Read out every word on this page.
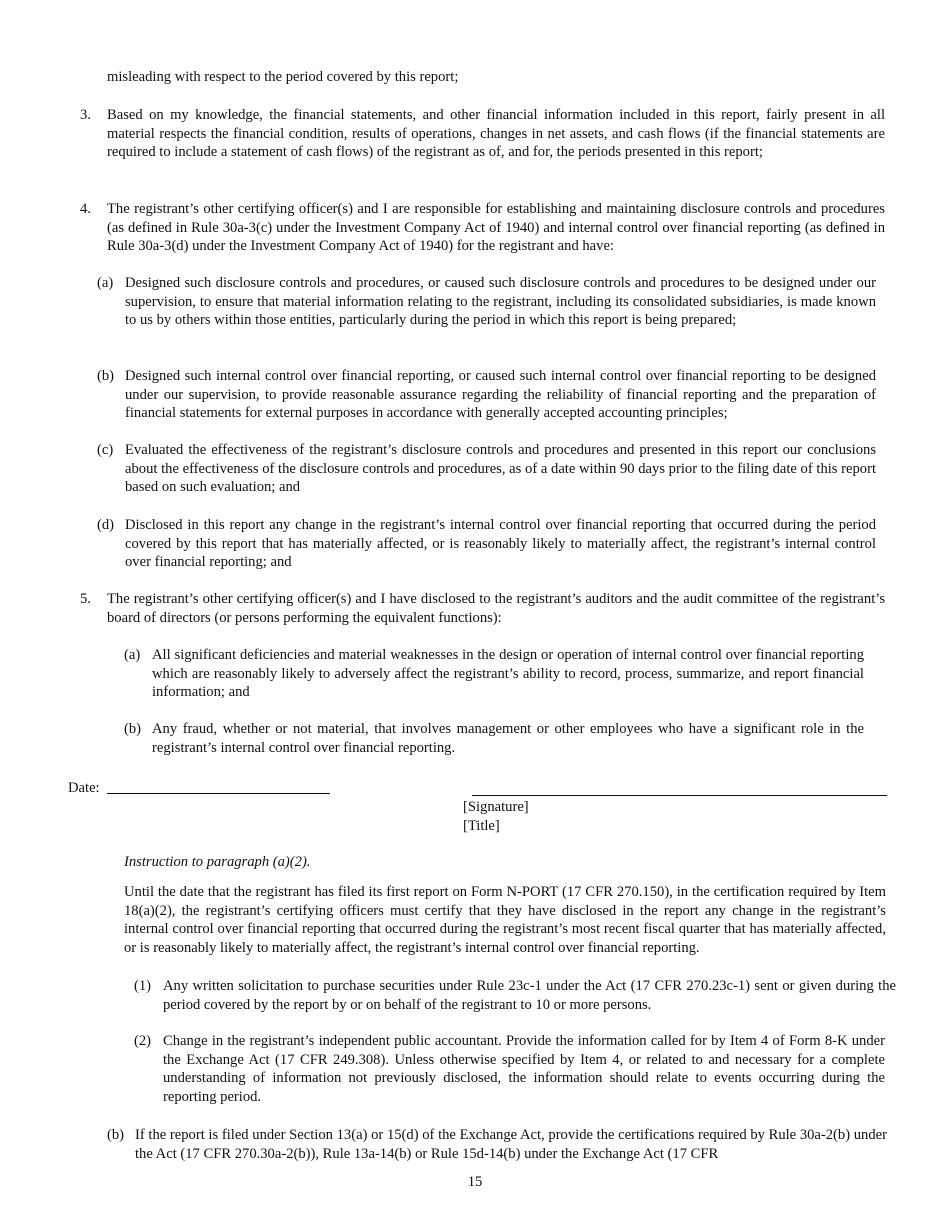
misleading with respect to the period covered by this report;

3. Based on my knowledge, the financial statements, and other financial information included in this report, fairly present in all material respects the financial condition, results of operations, changes in net assets, and cash flows (if the financial statements are required to include a statement of cash flows) of the registrant as of, and for, the periods presented in this report;

4. The registrant’s other certifying officer(s) and I are responsible for establishing and maintaining disclosure controls and procedures (as defined in Rule 30a-3(c) under the Investment Company Act of 1940) and internal control over financial reporting (as defined in Rule 30a-3(d) under the Investment Company Act of 1940) for the registrant and have:

(a) Designed such disclosure controls and procedures, or caused such disclosure controls and procedures to be designed under our supervision, to ensure that material information relating to the registrant, including its consolidated subsidiaries, is made known to us by others within those entities, particularly during the period in which this report is being prepared;

(b) Designed such internal control over financial reporting, or caused such internal control over financial reporting to be designed under our supervision, to provide reasonable assurance regarding the reliability of financial reporting and the preparation of financial statements for external purposes in accordance with generally accepted accounting principles;

(c) Evaluated the effectiveness of the registrant’s disclosure controls and procedures and presented in this report our conclusions about the effectiveness of the disclosure controls and procedures, as of a date within 90 days prior to the filing date of this report based on such evaluation; and

(d) Disclosed in this report any change in the registrant’s internal control over financial reporting that occurred during the period covered by this report that has materially affected, or is reasonably likely to materially affect, the registrant’s internal control over financial reporting; and

5. The registrant’s other certifying officer(s) and I have disclosed to the registrant’s auditors and the audit committee of the registrant’s board of directors (or persons performing the equivalent functions):

(a) All significant deficiencies and material weaknesses in the design or operation of internal control over financial reporting which are reasonably likely to adversely affect the registrant’s ability to record, process, summarize, and report financial information; and

(b) Any fraud, whether or not material, that involves management or other employees who have a significant role in the registrant’s internal control over financial reporting.

Date:
[Signature]
[Title]

Instruction to paragraph (a)(2).

Until the date that the registrant has filed its first report on Form N-PORT (17 CFR 270.150), in the certification required by Item 18(a)(2), the registrant’s certifying officers must certify that they have disclosed in the report any change in the registrant’s internal control over financial reporting that occurred during the registrant’s most recent fiscal quarter that has materially affected, or is reasonably likely to materially affect, the registrant’s internal control over financial reporting.

(1) Any written solicitation to purchase securities under Rule 23c-1 under the Act (17 CFR 270.23c-1) sent or given during the period covered by the report by or on behalf of the registrant to 10 or more persons.

(2) Change in the registrant’s independent public accountant. Provide the information called for by Item 4 of Form 8-K under the Exchange Act (17 CFR 249.308). Unless otherwise specified by Item 4, or related to and necessary for a complete understanding of information not previously disclosed, the information should relate to events occurring during the reporting period.

(b) If the report is filed under Section 13(a) or 15(d) of the Exchange Act, provide the certifications required by Rule 30a-2(b) under the Act (17 CFR 270.30a-2(b)), Rule 13a-14(b) or Rule 15d-14(b) under the Exchange Act (17 CFR

15
